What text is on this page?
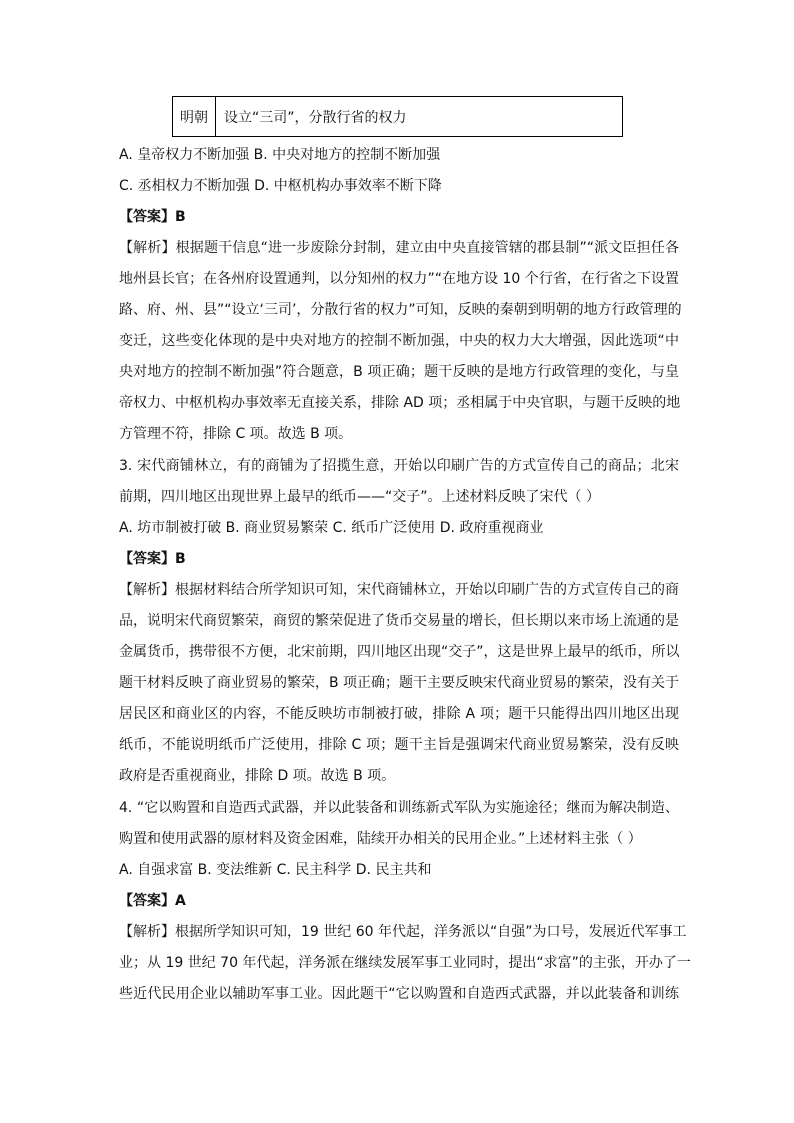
明朝	设立“三司”，分散行省的权力
A. 皇帝权力不断加强 B. 中央对地方的控制不断加强
C. 丞相权力不断加强 D. 中枢机构办事效率不断下降
【答案】B
【解析】根据题干信息“进一步废除分封制，建立由中央直接管辖的郡县制”“派文臣担任各
地州县长官；在各州府设置通判，以分知州的权力”“在地方设 10 个行省，在行省之下设置
路、府、州、县”“设立‘三司’，分散行省的权力”可知，反映的秦朝到明朝的地方行政管理的
变迁，这些变化体现的是中央对地方的控制不断加强，中央的权力大大增强，因此选项“中
央对地方的控制不断加强”符合题意，B 项正确；题干反映的是地方行政管理的变化，与皇
帝权力、中枢机构办事效率无直接关系，排除 AD 项；丞相属于中央官职，与题干反映的地
方管理不符，排除 C 项。故选 B 项。
3. 宋代商铺林立，有的商铺为了招揽生意，开始以印刷广告的方式宣传自己的商品；北宋
前期，四川地区出现世界上最早的纸币——“交子”。上述材料反映了宋代（ ）
A. 坊市制被打破 B. 商业贸易繁荣 C. 纸币广泛使用 D. 政府重视商业
【答案】B
【解析】根据材料结合所学知识可知，宋代商铺林立，开始以印刷广告的方式宣传自己的商
品，说明宋代商贸繁荣，商贸的繁荣促进了货币交易量的增长，但长期以来市场上流通的是
金属货币，携带很不方便，北宋前期，四川地区出现“交子”，这是世界上最早的纸币，所以
题干材料反映了商业贸易的繁荣，B 项正确；题干主要反映宋代商业贸易的繁荣，没有关于
居民区和商业区的内容，不能反映坊市制被打破，排除 A 项；题干只能得出四川地区出现
纸币，不能说明纸币广泛使用，排除 C 项；题干主旨是强调宋代商业贸易繁荣，没有反映
政府是否重视商业，排除 D 项。故选 B 项。
4. “它以购置和自造西式武器，并以此装备和训练新式军队为实施途径；继而为解决制造、
购置和使用武器的原材料及资金困难，陆续开办相关的民用企业。”上述材料主张（ ）
A. 自强求富 B. 变法维新 C. 民主科学 D. 民主共和
【答案】A
【解析】根据所学知识可知，19 世纪 60 年代起，洋务派以“自强”为口号，发展近代军事工
业；从 19 世纪 70 年代起，洋务派在继续发展军事工业同时，提出“求富”的主张，开办了一
些近代民用企业以辅助军事工业。因此题干“它以购置和自造西式武器，并以此装备和训练
